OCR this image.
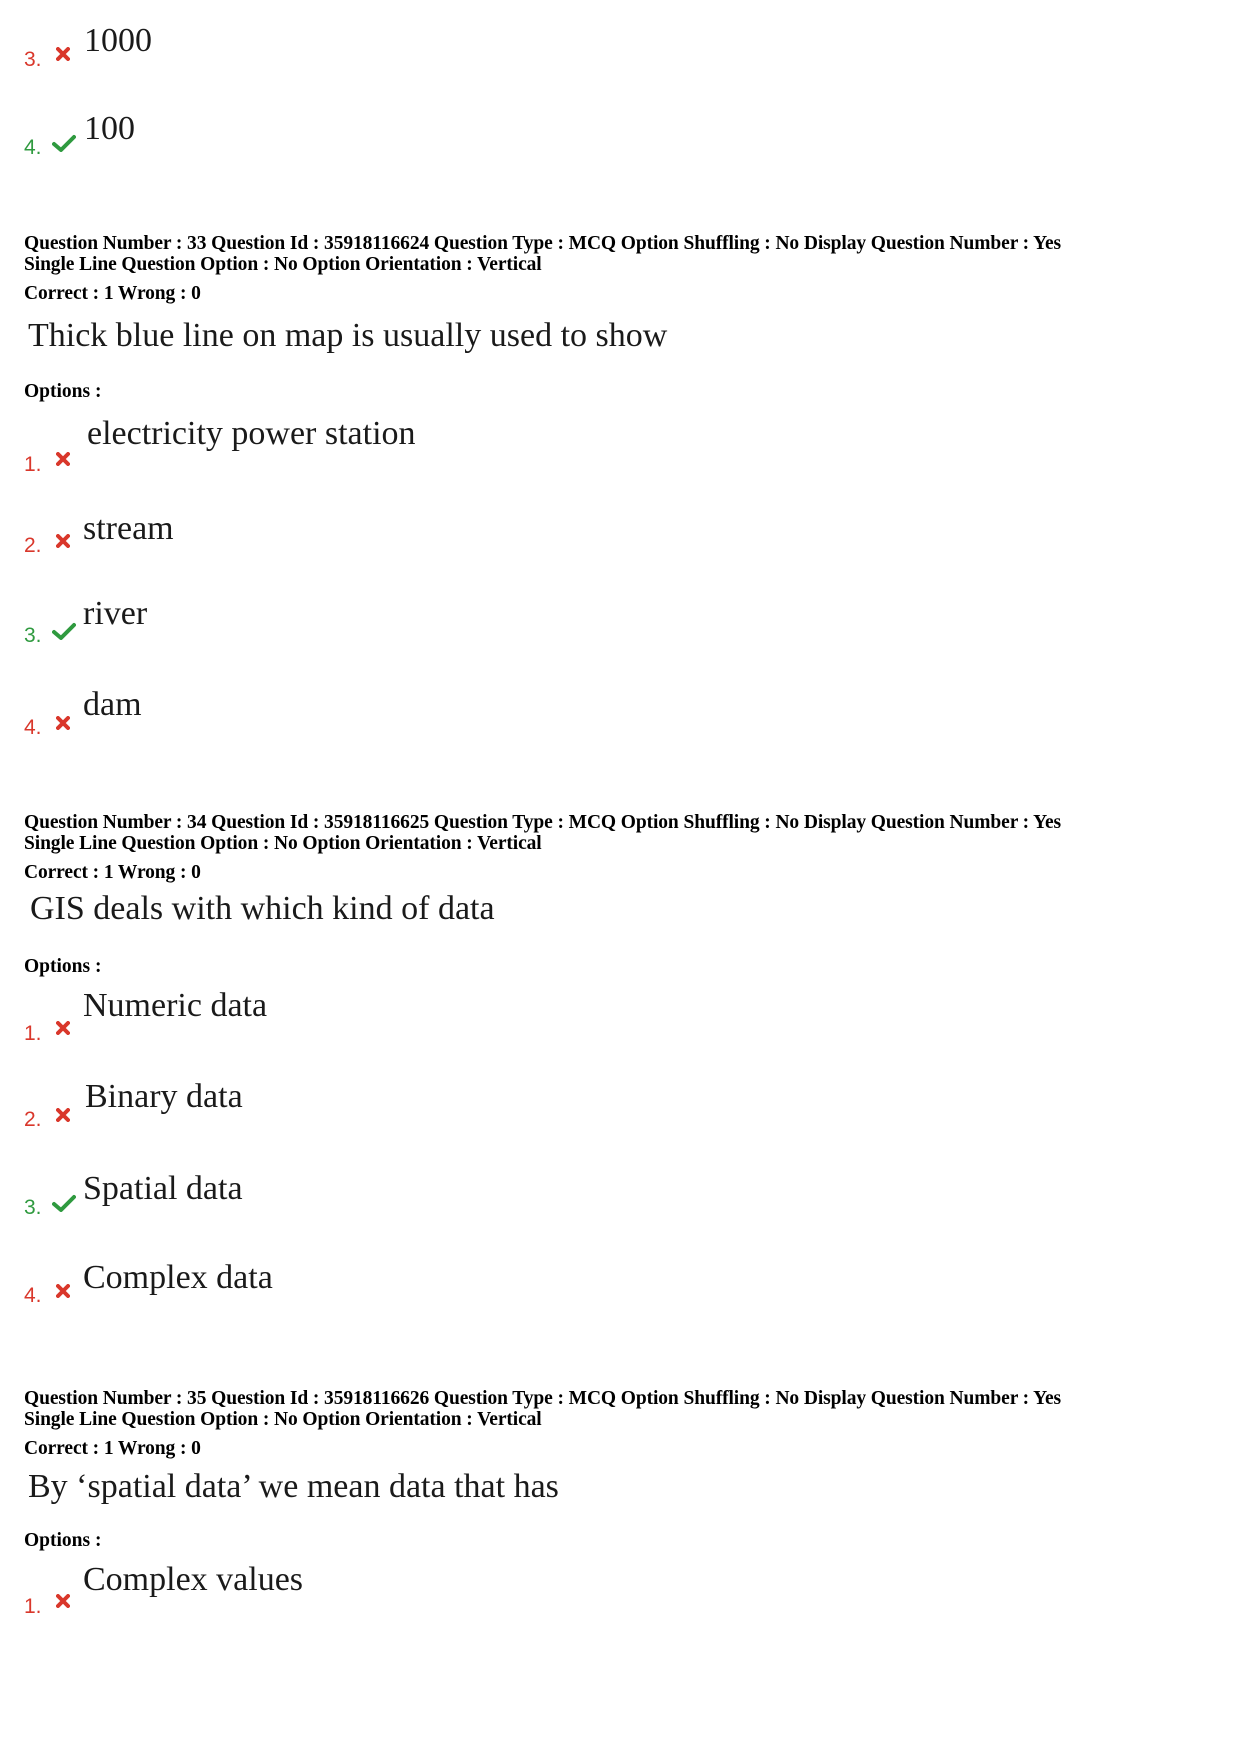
3.
1000
4.
100
Question Number : 33 Question Id : 35918116624 Question Type : MCQ Option Shuffling : No Display Question Number : Yes
Single Line Question Option : No Option Orientation : Vertical
Correct : 1 Wrong : 0
Thick blue line on map is usually used to show
Options :
1.
electricity power station
2. stream
3.
river
4.
dam
Question Number : 34 Question Id : 35918116625 Question Type : MCQ Option Shuffling : No Display Question Number : Yes
Single Line Question Option : No Option Orientation : Vertical
Correct : 1 Wrong : 0
GIS deals with which kind of data
Options :
1.
Numeric data
2.
Binary data
3.
Spatial data
4. Complex data
Question Number : 35 Question Id : 35918116626 Question Type : MCQ Option Shuffling : No Display Question Number : Yes
Single Line Question Option : No Option Orientation : Vertical
Correct : 1 Wrong : 0
By ‘spatial data’ we mean data that has
Options :
1.
Complex values
